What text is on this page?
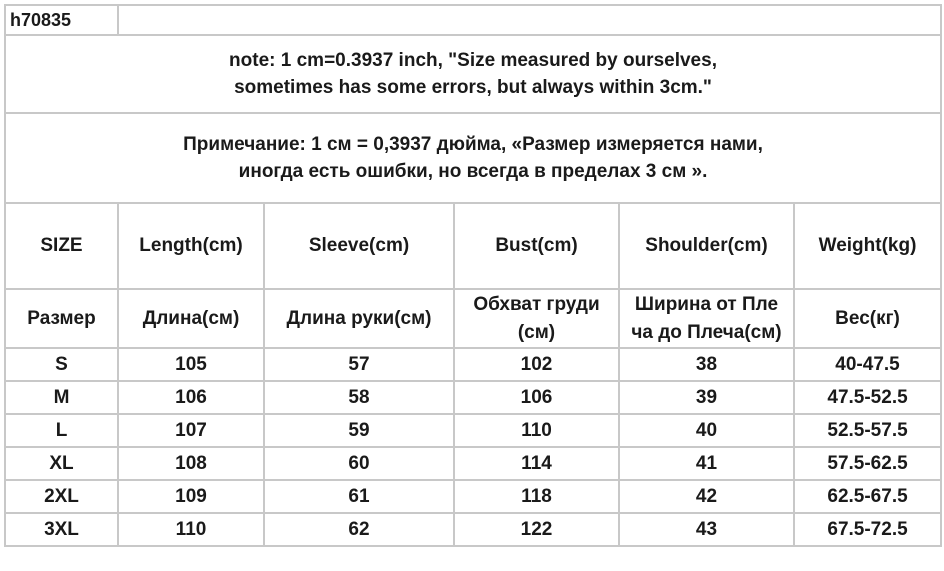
h70835					

note: 1 cm=0.3937 inch, "Size measured by ourselves,
sometimes has some errors, but always within 3cm."					

Примечание: 1 см = 0,3937 дюйма, «Размер измеряется нами,
иногда есть ошибки, но всегда в пределах 3 см ».					

SIZE	Length(cm)	Sleeve(cm)	Bust(cm)	Shoulder(cm)	Weight(kg)

Размер	Длина(см)	Длина руки(см)	Обхват груди
(см)	Ширина от Пле
ча до Плеча(см)	Вес(кг)

S	105	57	102	38	40-47.5
M	106	58	106	39	47.5-52.5
L	107	59	110	40	52.5-57.5
XL	108	60	114	41	57.5-62.5
2XL	109	61	118	42	62.5-67.5
3XL	110	62	122	43	67.5-72.5
